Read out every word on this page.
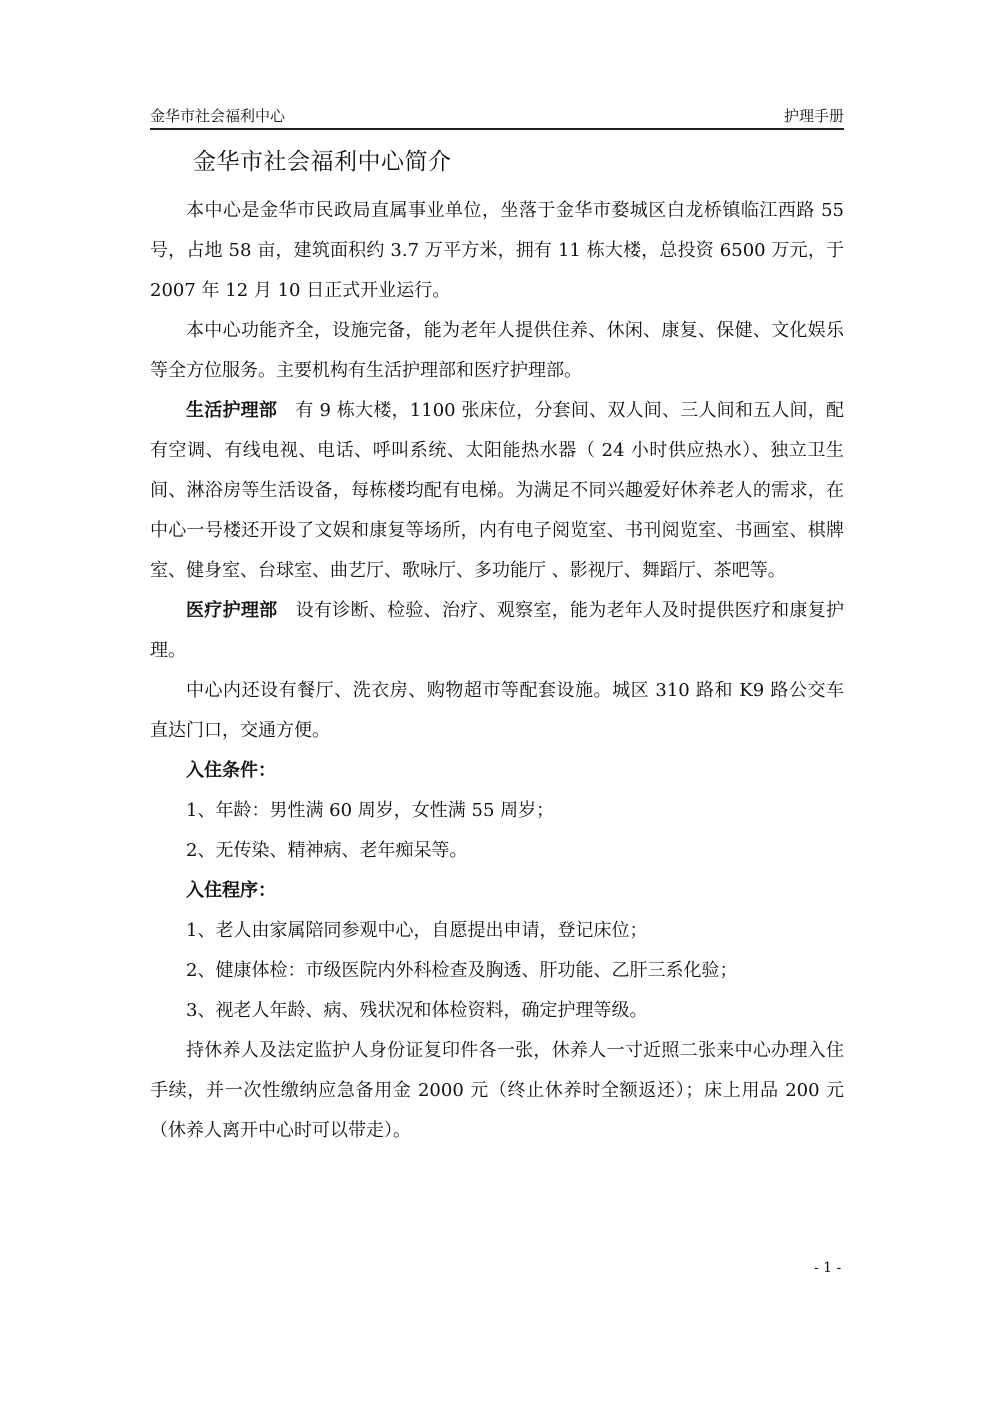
金华市社会福利中心	护理手册
金华市社会福利中心简介

本中心是金华市民政局直属事业单位，坐落于金华市婺城区白龙桥镇临江西路 55 号，占地 58 亩，建筑面积约 3.7 万平方米，拥有 11 栋大楼，总投资 6500 万元，于 2007 年 12 月 10 日正式开业运行。

本中心功能齐全，设施完备，能为老年人提供住养、休闲、康复、保健、文化娱乐等全方位服务。主要机构有生活护理部和医疗护理部。

生活护理部　有 9 栋大楼，1100 张床位，分套间、双人间、三人间和五人间，配有空调、有线电视、电话、呼叫系统、太阳能热水器（ 24 小时供应热水）、独立卫生间、淋浴房等生活设备，每栋楼均配有电梯。为满足不同兴趣爱好休养老人的需求，在中心一号楼还开设了文娱和康复等场所，内有电子阅览室、书刊阅览室、书画室、棋牌室、健身室、台球室、曲艺厅、歌咏厅、多功能厅 、影视厅、舞蹈厅、茶吧等。

医疗护理部　设有诊断、检验、治疗、观察室，能为老年人及时提供医疗和康复护理。

中心内还设有餐厅、洗衣房、购物超市等配套设施。城区 310 路和 K9 路公交车直达门口，交通方便。

入住条件：

1、年龄：男性满 60 周岁，女性满 55 周岁；

2、无传染、精神病、老年痴呆等。

入住程序：

1、老人由家属陪同参观中心，自愿提出申请，登记床位；

2、健康体检：市级医院内外科检查及胸透、肝功能、乙肝三系化验；

3、视老人年龄、病、残状况和体检资料，确定护理等级。

持休养人及法定监护人身份证复印件各一张，休养人一寸近照二张来中心办理入住手续，并一次性缴纳应急备用金 2000 元（终止休养时全额返还）；床上用品 200 元（休养人离开中心时可以带走）。

- 1 -
